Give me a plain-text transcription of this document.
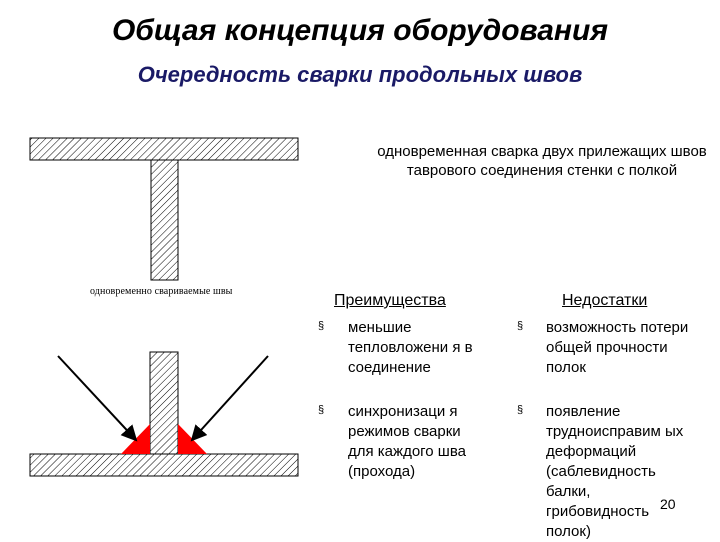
Общая концепция оборудования
Очередность сварки продольных швов
одновременная сварка двух прилежащих швов таврового соединения стенки с полкой
одновременно свариваемые швы
Преимущества
§ меньшие тепловложени я в соединение
§ синхронизаци я режимов сварки для каждого шва (прохода)
Недостатки
§ возможность потери общей прочности полок
§ появление трудноисправим ых деформаций (саблевидность балки, грибовидность полок)
20
